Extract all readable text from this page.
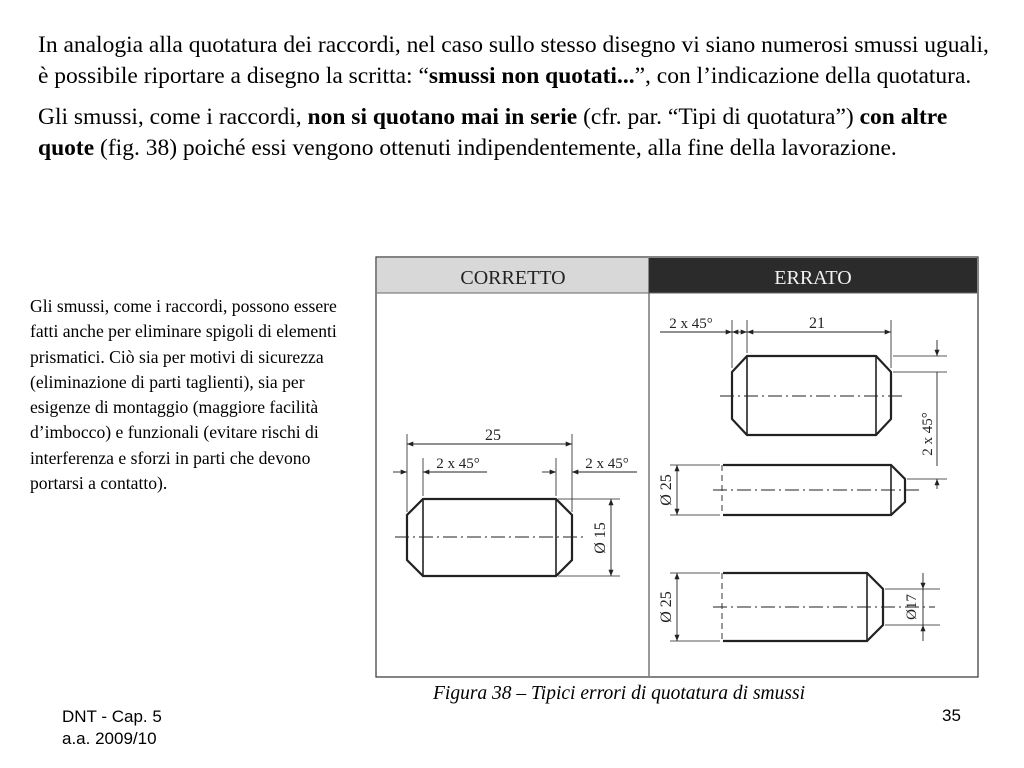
In analogia alla quotatura dei raccordi, nel caso sullo stesso disegno vi siano numerosi smussi uguali, è possibile riportare a disegno la scritta: “smussi non quotati...”, con l’indicazione della quotatura.

Gli smussi, come i raccordi, non si quotano mai in serie (cfr. par. “Tipi di quotatura”) con altre quote (fig. 38) poiché essi vengono ottenuti indipendentemente, alla fine della lavorazione.

Gli smussi, come i raccordi, possono essere fatti anche per eliminare spigoli di elementi prismatici. Ciò sia per motivi di sicurezza (eliminazione di parti taglienti), sia per esigenze di montaggio (maggiore facilità d’imbocco) e funzionali (evitare rischi di interferenza e sforzi in parti che devono portarsi a contatto).
CORRETTO	ERRATO
25
2 x 45°	2 x 45°
Ø 15
2 x 45°	21
2 x 45°
Ø 25
Ø 25	Ø17
Figura 38 – Tipici errori di quotatura di smussi
DNT - Cap. 5
a.a. 2009/10
35
